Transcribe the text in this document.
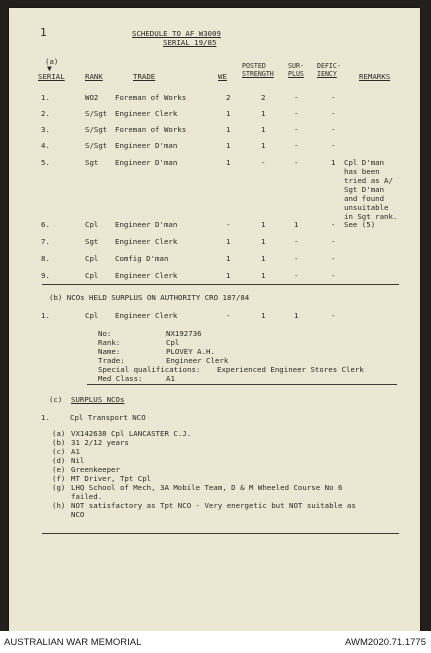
1	SCHEDULE TO AF W3009
SERIAL 19/85
(a)
▼
SERIAL	RANK	TRADE	WE
POSTED
STRENGTH
SUR-
PLUS
DEFIC-
IENCY	REMARKS
1.	WO2 Foreman of Works	2	2	-	-
2.	S/Sgt Engineer Clerk	1	1	-	-
3.	S/Sgt Foreman of Works	1	1	-	-
4.	S/Sgt Engineer D'man	1	1	-	-
5.	Sgt Engineer D'man	1	-	-	1 Cpl D'man
has been
tried as A/
Sgt D'man
and found
unsuitable
in Sgt rank.
6.	Cpl Engineer D'man	-	1	1	- See (5)
7.	Sgt Engineer Clerk	1	1	-	-
8.	Cpl Comfig D'man	1	1	-	-
9.	Cpl Engineer Clerk	1	1	-	-
(b) NCOs HELD SURPLUS ON AUTHORITY CRO 187/84
1.	Cpl Engineer Clerk	-	1	1	-
No:	NX192736
Rank:	Cpl
Name:	PLOVEY A.H.
Trade:	Engineer Clerk
Special qualifications: Experienced Engineer Stores Clerk
Med Class:	A1
(c) SURPLUS NCOs
1.	Cpl Transport NCO
(a) VX142638 Cpl LANCASTER C.J.
(b) 31 2/12 years
(c) A1
(d) Nil
(e) Greenkeeper
(f) MT Driver, Tpt Cpl
(g) LHQ School of Mech, 3A Mobile Team, D & M Wheeled Course No 6
failed.
(h) NOT satisfactory as Tpt NCO - Very energetic but NOT suitable as
NCO
AUSTRALIAN WAR MEMORIAL	AWM2020.71.1775
